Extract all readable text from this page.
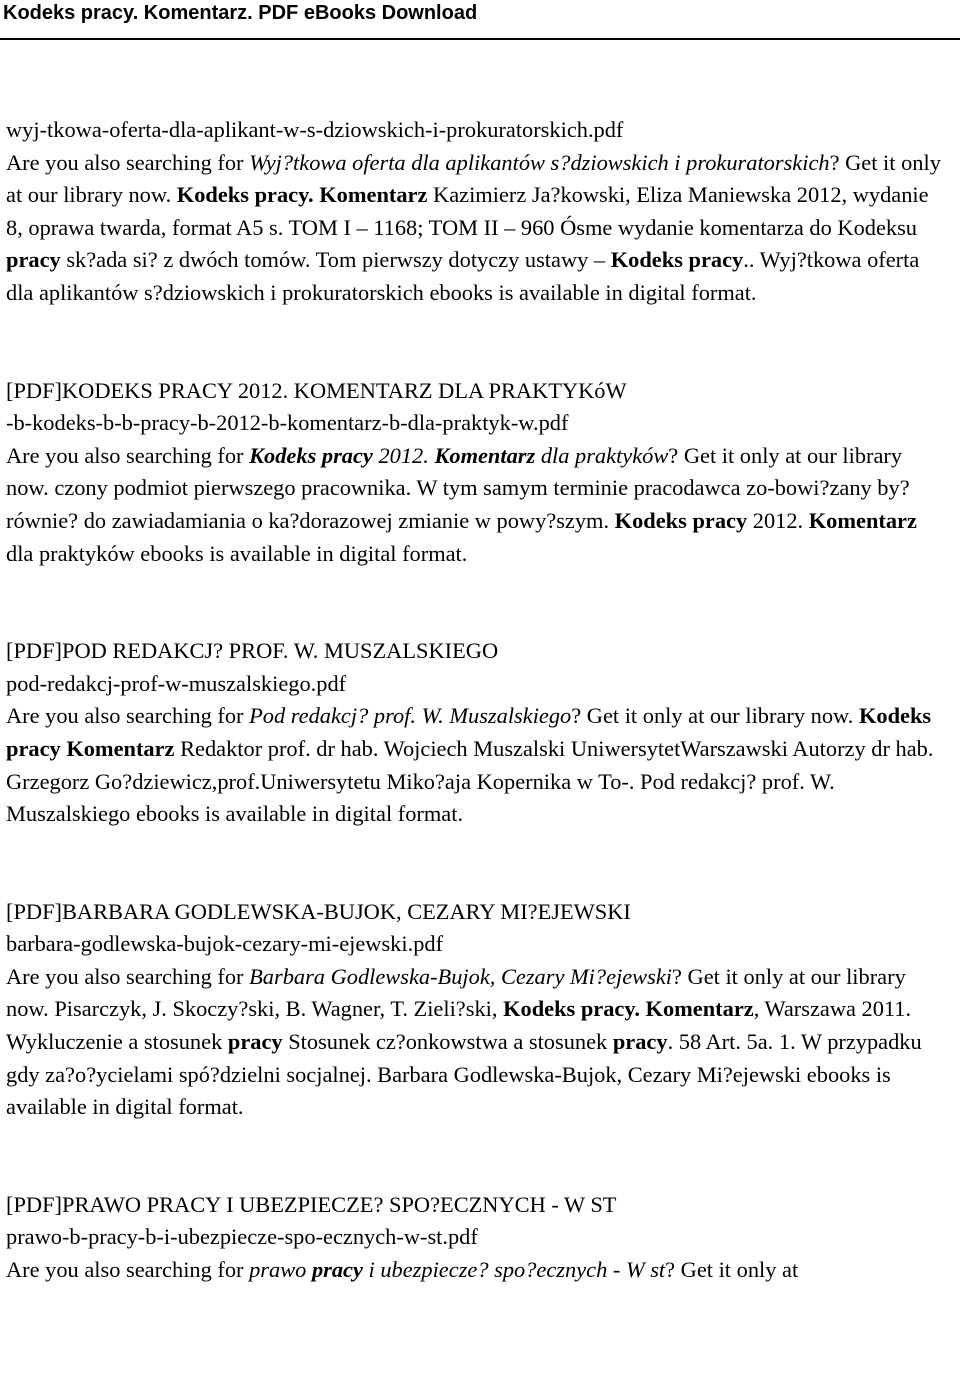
Kodeks pracy. Komentarz. PDF eBooks Download

wyj-tkowa-oferta-dla-aplikant-w-s-dziowskich-i-prokuratorskich.pdf

Are you also searching for Wyj?tkowa oferta dla aplikantów s?dziowskich i prokuratorskich? Get it only at our library now. Kodeks pracy. Komentarz Kazimierz Ja?kowski, Eliza Maniewska 2012, wydanie 8, oprawa twarda, format A5 s. TOM I – 1168; TOM II – 960 Ósme wydanie komentarza do Kodeksu pracy sk?ada si? z dwóch tomów. Tom pierwszy dotyczy ustawy – Kodeks pracy.. Wyj?tkowa oferta dla aplikantów s?dziowskich i prokuratorskich ebooks is available in digital format.

[PDF]KODEKS PRACY 2012. KOMENTARZ DLA PRAKTYKóW

-b-kodeks-b-b-pracy-b-2012-b-komentarz-b-dla-praktyk-w.pdf

Are you also searching for Kodeks pracy 2012. Komentarz dla praktyków? Get it only at our library now. czony podmiot pierwszego pracownika. W tym samym terminie pracodawca zo-bowi?zany by? równie? do zawiadamiania o ka?dorazowej zmianie w powy?szym. Kodeks pracy 2012. Komentarz dla praktyków ebooks is available in digital format.

[PDF]POD REDAKCJ? PROF. W. MUSZALSKIEGO

pod-redakcj-prof-w-muszalskiego.pdf

Are you also searching for Pod redakcj? prof. W. Muszalskiego? Get it only at our library now. Kodeks pracy Komentarz Redaktor prof. dr hab. Wojciech Muszalski UniwersytetWarszawski Autorzy dr hab. Grzegorz Go?dziewicz,prof.Uniwersytetu Miko?aja Kopernika w To-. Pod redakcj? prof. W. Muszalskiego ebooks is available in digital format.

[PDF]BARBARA GODLEWSKA-BUJOK, CEZARY MI?EJEWSKI

barbara-godlewska-bujok-cezary-mi-ejewski.pdf

Are you also searching for Barbara Godlewska-Bujok, Cezary Mi?ejewski? Get it only at our library now. Pisarczyk, J. Skoczy?ski, B. Wagner, T. Zieli?ski, Kodeks pracy. Komentarz, Warszawa 2011. Wykluczenie a stosunek pracy Stosunek cz?onkowstwa a stosunek pracy. 58 Art. 5a. 1. W przypadku gdy za?o?ycielami spó?dzielni socjalnej. Barbara Godlewska-Bujok, Cezary Mi?ejewski ebooks is available in digital format.

[PDF]PRAWO PRACY I UBEZPIECZE? SPO?ECZNYCH - W ST

prawo-b-pracy-b-i-ubezpiecze-spo-ecznych-w-st.pdf

Are you also searching for prawo pracy i ubezpiecze? spo?ecznych - W st? Get it only at
